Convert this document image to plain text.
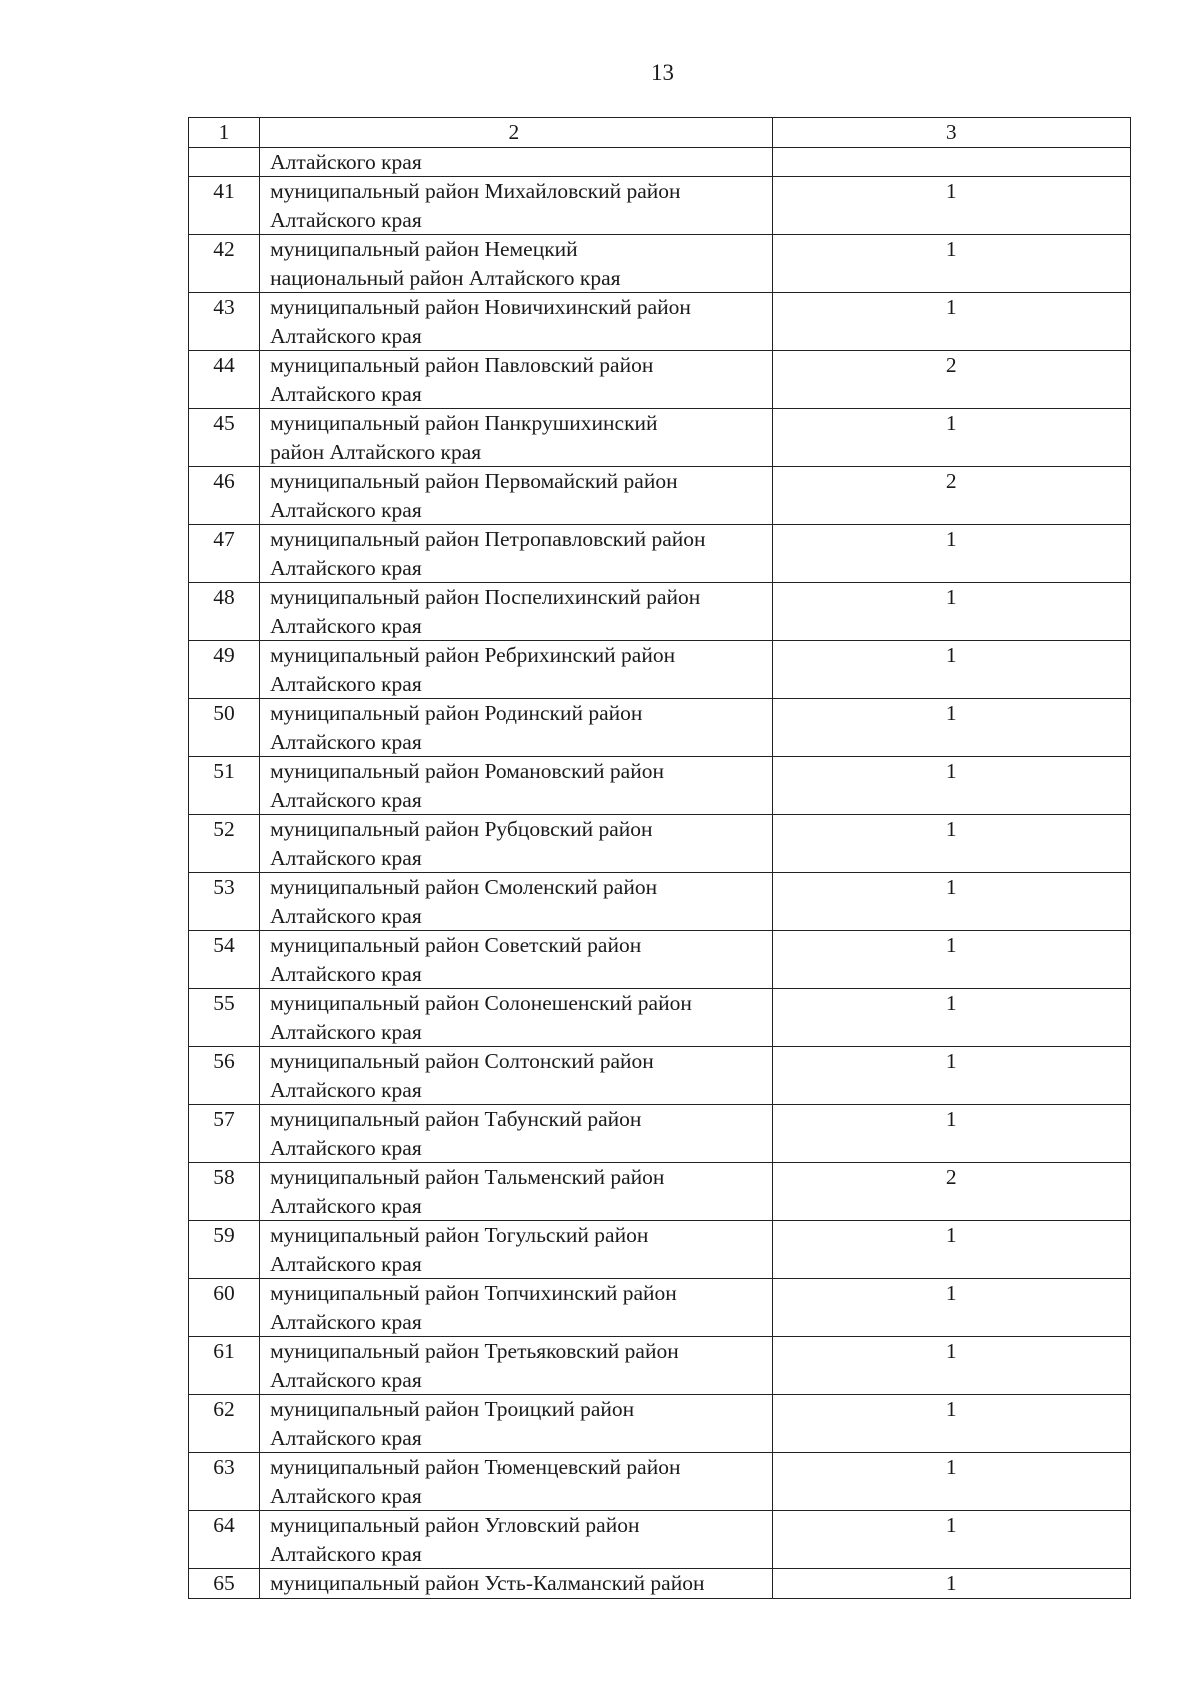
13
1	2	3

	Алтайского края	

41	муниципальный район Михайловский район
Алтайского края	1
42	муниципальный район Немецкий
национальный район Алтайского края	1
43	муниципальный район Новичихинский район
Алтайского края	1
44	муниципальный район Павловский район
Алтайского края	2
45	муниципальный район Панкрушихинский
район Алтайского края	1
46	муниципальный район Первомайский район
Алтайского края	2
47	муниципальный район Петропавловский район
Алтайского края	1
48	муниципальный район Поспелихинский район
Алтайского края	1
49	муниципальный район Ребрихинский район
Алтайского края	1
50	муниципальный район Родинский район
Алтайского края	1
51	муниципальный район Романовский район
Алтайского края	1
52	муниципальный район Рубцовский район
Алтайского края	1
53	муниципальный район Смоленский район
Алтайского края	1
54	муниципальный район Советский район
Алтайского края	1
55	муниципальный район Солонешенский район
Алтайского края	1
56	муниципальный район Солтонский район
Алтайского края	1
57	муниципальный район Табунский район
Алтайского края	1
58	муниципальный район Тальменский район
Алтайского края	2
59	муниципальный район Тогульский район
Алтайского края	1
60	муниципальный район Топчихинский район
Алтайского края	1
61	муниципальный район Третьяковский район
Алтайского края	1
62	муниципальный район Троицкий район
Алтайского края	1
63	муниципальный район Тюменцевский район
Алтайского края	1
64	муниципальный район Угловский район
Алтайского края	1
65	муниципальный район Усть-Калманский район	1
